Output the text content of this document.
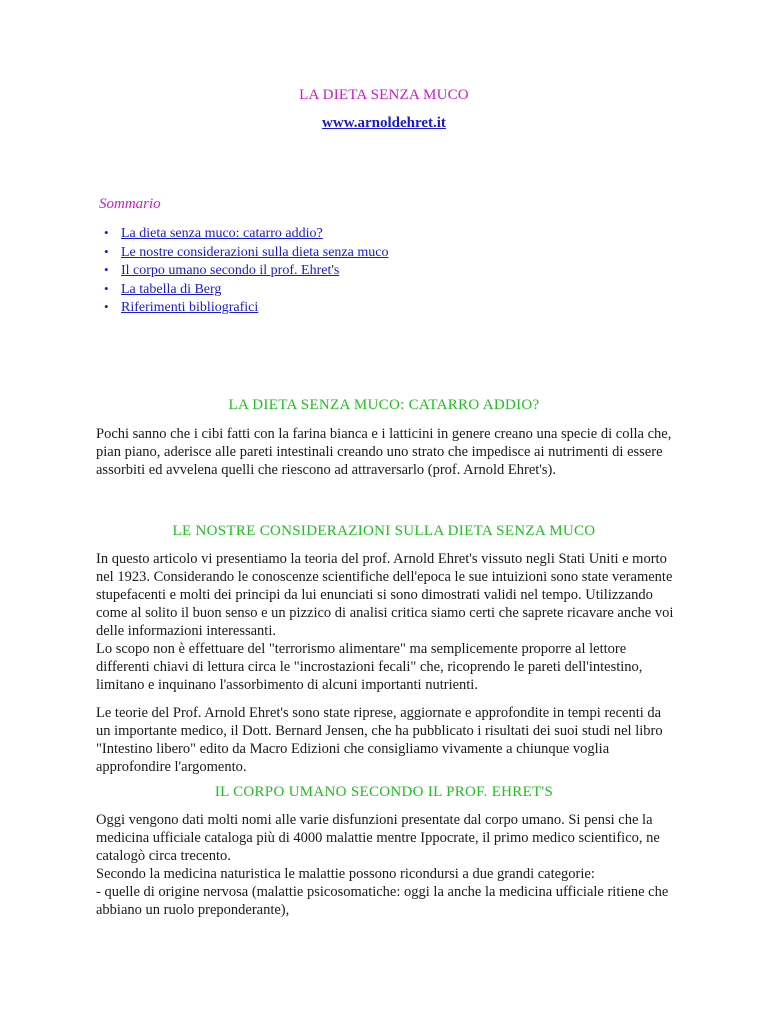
LA DIETA SENZA MUCO
www.arnoldehret.it
Sommario
• La dieta senza muco: catarro addio?
• Le nostre considerazioni sulla dieta senza muco
• Il corpo umano secondo il prof. Ehret's
• La tabella di Berg
• Riferimenti bibliografici
LA DIETA SENZA MUCO: CATARRO ADDIO?

Pochi sanno che i cibi fatti con la farina bianca e i latticini in genere creano una specie di colla che, pian piano, aderisce alle pareti intestinali creando uno strato che impedisce ai nutrimenti di essere assorbiti ed avvelena quelli che riescono ad attraversarlo (prof. Arnold Ehret's).

LE NOSTRE CONSIDERAZIONI SULLA DIETA SENZA MUCO

In questo articolo vi presentiamo la teoria del prof. Arnold Ehret's vissuto negli Stati Uniti e morto nel 1923. Considerando le conoscenze scientifiche dell'epoca le sue intuizioni sono state veramente stupefacenti e molti dei principi da lui enunciati si sono dimostrati validi nel tempo. Utilizzando come al solito il buon senso e un pizzico di analisi critica siamo certi che saprete ricavare anche voi delle informazioni interessanti.

Lo scopo non è effettuare del "terrorismo alimentare" ma semplicemente proporre al lettore differenti chiavi di lettura circa le "incrostazioni fecali" che, ricoprendo le pareti dell'intestino, limitano e inquinano l'assorbimento di alcuni importanti nutrienti.

Le teorie del Prof. Arnold Ehret's sono state riprese, aggiornate e approfondite in tempi recenti da un importante medico, il Dott. Bernard Jensen, che ha pubblicato i risultati dei suoi studi nel libro "Intestino libero" edito da Macro Edizioni che consigliamo vivamente a chiunque voglia approfondire l'argomento.

IL CORPO UMANO SECONDO IL PROF. EHRET'S

Oggi vengono dati molti nomi alle varie disfunzioni presentate dal corpo umano. Si pensi che la medicina ufficiale cataloga più di 4000 malattie mentre Ippocrate, il primo medico scientifico, ne catalogò circa trecento.

Secondo la medicina naturistica le malattie possono ricondursi a due grandi categorie:

- quelle di origine nervosa (malattie psicosomatiche: oggi la anche la medicina ufficiale ritiene che abbiano un ruolo preponderante),
